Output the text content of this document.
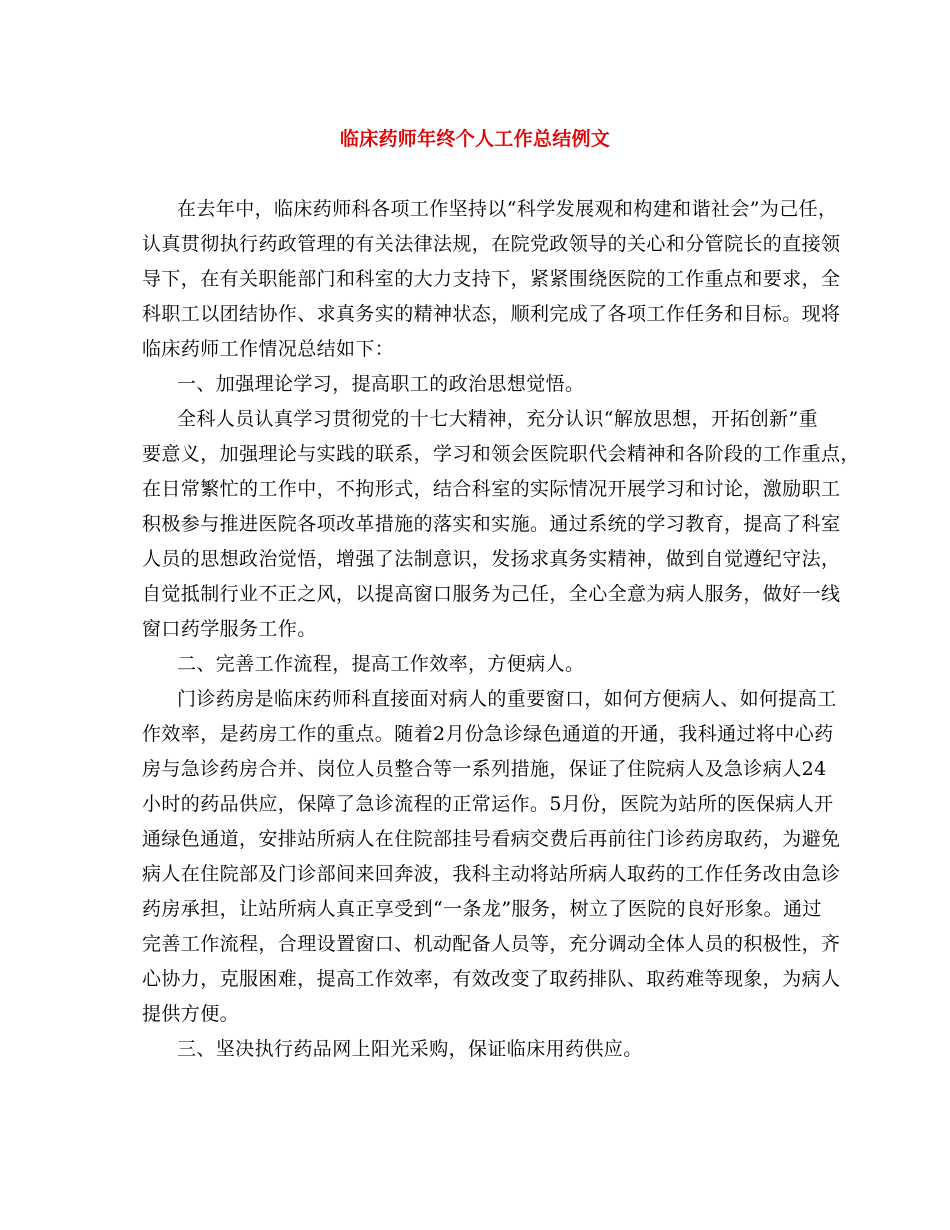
临床药师年终个人工作总结例文

在去年中，临床药师科各项工作坚持以“科学发展观和构建和谐社会”为己任，

认真贯彻执行药政管理的有关法律法规，在院党政领导的关心和分管院长的直接领

导下，在有关职能部门和科室的大力支持下，紧紧围绕医院的工作重点和要求，全

科职工以团结协作、求真务实的精神状态，顺利完成了各项工作任务和目标。现将

临床药师工作情况总结如下：

一、加强理论学习，提高职工的政治思想觉悟。

全科人员认真学习贯彻党的十七大精神，充分认识“解放思想，开拓创新”重

要意义，加强理论与实践的联系，学习和领会医院职代会精神和各阶段的工作重点，

在日常繁忙的工作中，不拘形式，结合科室的实际情况开展学习和讨论，激励职工

积极参与推进医院各项改革措施的落实和实施。通过系统的学习教育，提高了科室

人员的思想政治觉悟，增强了法制意识，发扬求真务实精神，做到自觉遵纪守法，

自觉抵制行业不正之风，以提高窗口服务为己任，全心全意为病人服务，做好一线

窗口药学服务工作。

二、完善工作流程，提高工作效率，方便病人。

门诊药房是临床药师科直接面对病人的重要窗口，如何方便病人、如何提高工

作效率，是药房工作的重点。随着2月份急诊绿色通道的开通，我科通过将中心药

房与急诊药房合并、岗位人员整合等一系列措施，保证了住院病人及急诊病人24

小时的药品供应，保障了急诊流程的正常运作。5月份，医院为站所的医保病人开

通绿色通道，安排站所病人在住院部挂号看病交费后再前往门诊药房取药，为避免

病人在住院部及门诊部间来回奔波，我科主动将站所病人取药的工作任务改由急诊

药房承担，让站所病人真正享受到“一条龙”服务，树立了医院的良好形象。通过

完善工作流程，合理设置窗口、机动配备人员等，充分调动全体人员的积极性，齐

心协力，克服困难，提高工作效率，有效改变了取药排队、取药难等现象，为病人

提供方便。

三、坚决执行药品网上阳光采购，保证临床用药供应。
